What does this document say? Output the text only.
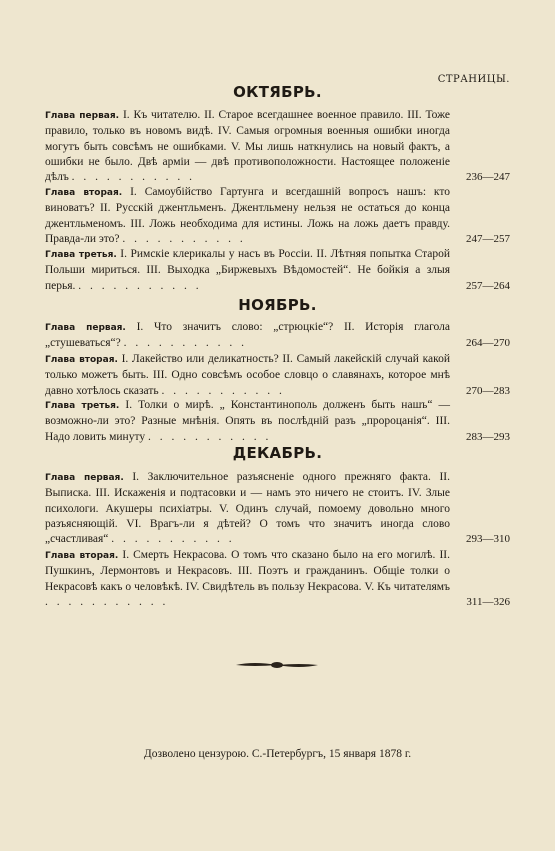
СТРАНИЦЫ.
ОКТЯБРЬ.
Глава первая. I. Къ читателю. II. Старое всегдашнее военное правило. III. Тоже правило, только въ новомъ видѣ. IV. Самыя огромныя военныя ошибки иногда могутъ быть совсѣмъ не ошибками. V. Мы лишь наткнулись на новый фактъ, а ошибки не было. Двѣ арміи — двѣ противоположности. Настоящее положеніе дѣлъ . . . . . . . . . . .	236—247
Глава вторая. I. Самоубійство Гартунга и всегдашній вопросъ нашъ: кто виноватъ? II. Русскій джентльменъ. Джентльмену нельзя не остаться до конца джентльменомъ. III. Ложь необходима для истины. Ложь на ложь даетъ правду. Правда-ли это? . . . . . . . . . . .	247—257
Глава третья. I. Римскіе клерикалы у насъ въ Россіи. II. Лѣтняя попытка Старой Польши мириться. III. Выходка „Биржевыхъ Вѣдомостей“. Не бойкія а злыя перья. . . . . . . . . . . .	257—264
НОЯБРЬ.
Глава первая. I. Что значитъ слово: „стрюцкіе“? II. Исторія глагола „стушеваться“? . . . . . . . . . . .	264—270
Глава вторая. I. Лакейство или деликатность? II. Самый лакейскій случай какой только можетъ быть. III. Одно совсѣмъ особое словцо о славянахъ, которое мнѣ давно хотѣлось сказать . . . . . . . . . . .	270—283
Глава третья. I. Толки о мирѣ. „ Константинополь долженъ быть нашъ“ — возможно-ли это? Разные мнѣнія. Опять въ послѣдній разъ „пророцанія“. III. Надо ловить минуту . . . . . . . . . . .	283—293
ДЕКАБРЬ.
Глава первая. I. Заключительное разъясненіе одного прежняго факта. II. Выписка. III. Искаженія и подтасовки и — намъ это ничего не стоитъ. IV. Злые психологи. Акушеры психіатры. V. Одинъ случай, помоему довольно много разъясняющій. VI. Врагъ-ли я дѣтей? О томъ что значитъ иногда слово „счастливая“ . . . . . . . . . . .	293—310
Глава вторая. I. Смерть Некрасова. О томъ что сказано было на его могилѣ. II. Пушкинъ, Лермонтовъ и Некрасовъ. III. Поэтъ и гражданинъ. Общіе толки о Некрасовѣ какъ о человѣкѣ. IV. Свидѣтель въ пользу Некрасова. V. Къ читателямъ . . . . . . . . . . .	311—326
Дозволено цензурою. С.-Петербургъ, 15 января 1878 г.
